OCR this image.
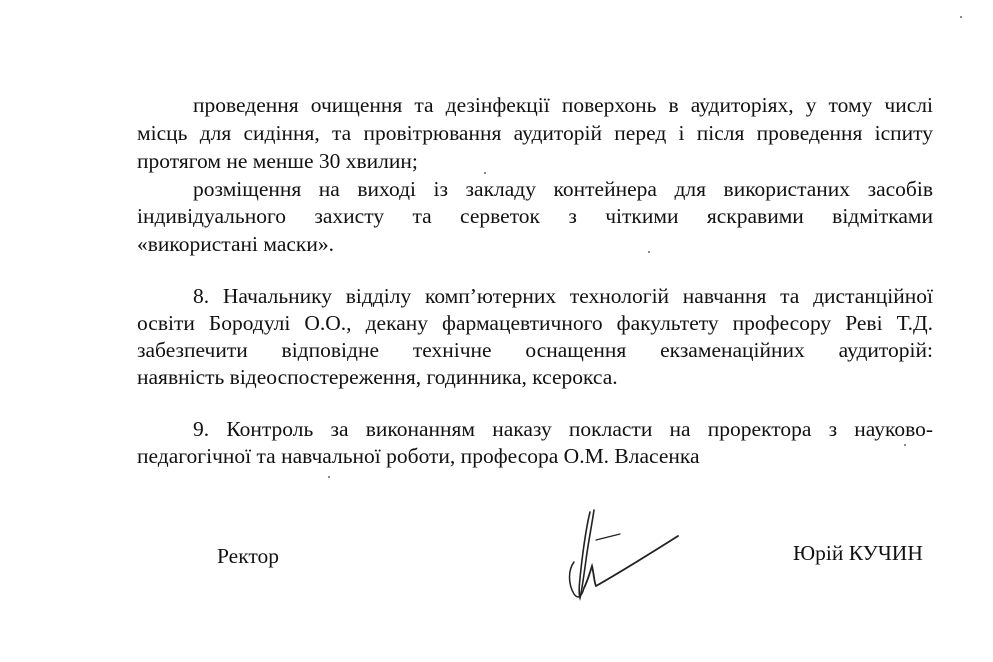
проведення очищення та дезінфекції поверхонь в аудиторіях, у тому числі
місць для сидіння, та провітрювання аудиторій перед і після проведення іспиту
протягом не менше 30 хвилин;
розміщення на виході із закладу контейнера для використаних засобів
індивідуального захисту та серветок з чіткими яскравими відмітками
«використані маски».
8. Начальнику відділу комп’ютерних технологій навчання та дистанційної
освіти Бородулі О.О., декану фармацевтичного факультету професору Реві Т.Д.
забезпечити відповідне технічне оснащення екзаменаційних аудиторій:
наявність відеоспостереження, годинника, ксерокса.
9. Контроль за виконанням наказу покласти на проректора з науково-
педагогічної та навчальної роботи, професора О.М. Власенка
Ректор	Юрій КУЧИН
